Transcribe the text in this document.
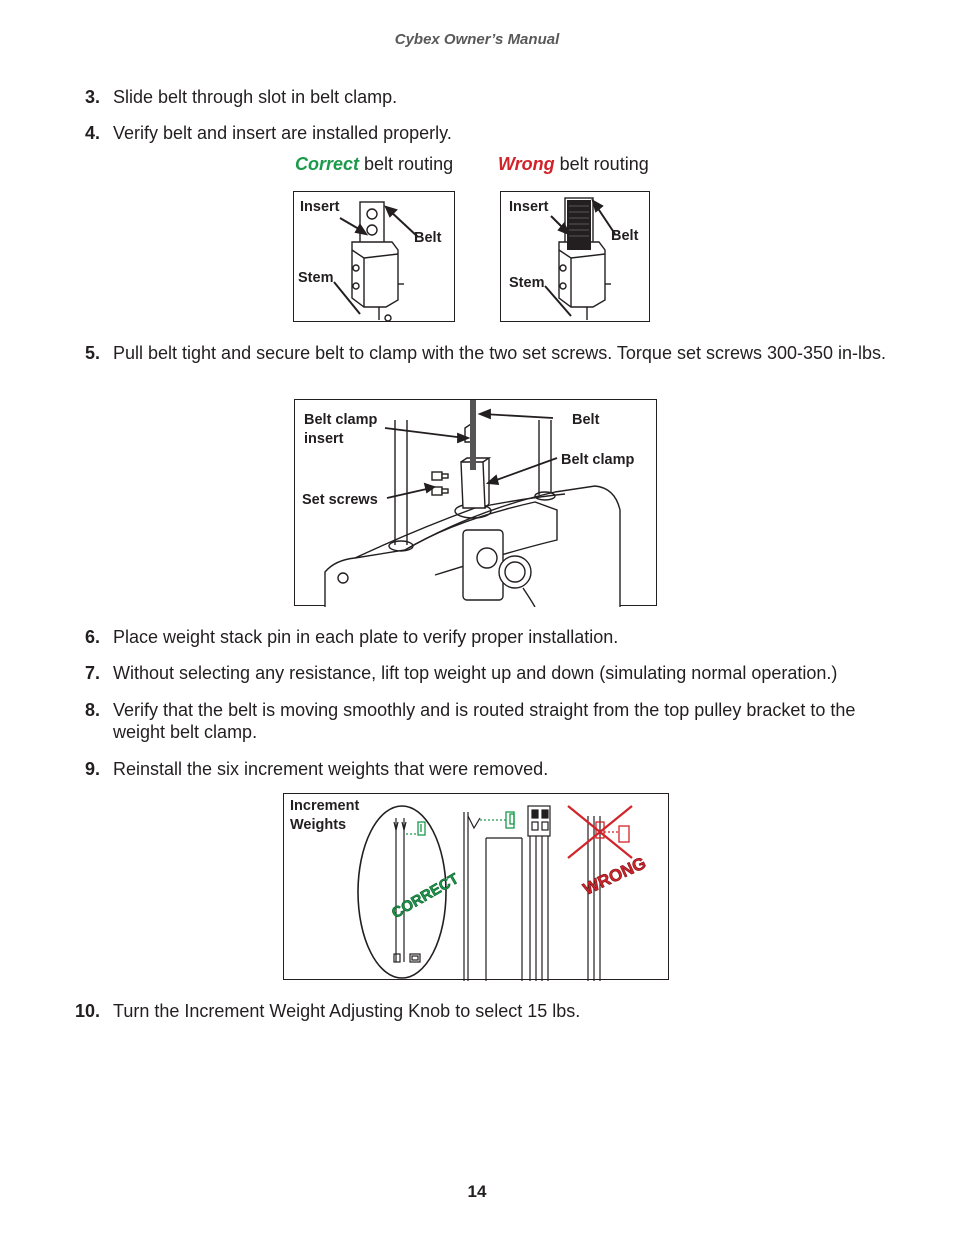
Cybex Owner’s Manual
3. Slide belt through slot in belt clamp.
4. Verify belt and insert are installed properly.
Correct belt routing Wrong belt routing
Insert
Belt
Stem
Insert
Belt
Stem
5. Pull belt tight and secure belt to clamp with the two set screws. Torque set screws 300-350 in-lbs.
Belt clamp
insert
Belt
Belt clamp
Set screws
6. Place weight stack pin in each plate to verify proper installation.
7. Without selecting any resistance, lift top weight up and down (simulating normal operation.)
8. Verify that the belt is moving smoothly and is routed straight from the top pulley bracket to the weight belt clamp.
9. Reinstall the six increment weights that were removed.
CORRECT	WRONG
Increment
Weights
10. Turn the Increment Weight Adjusting Knob to select 15 lbs.
14
